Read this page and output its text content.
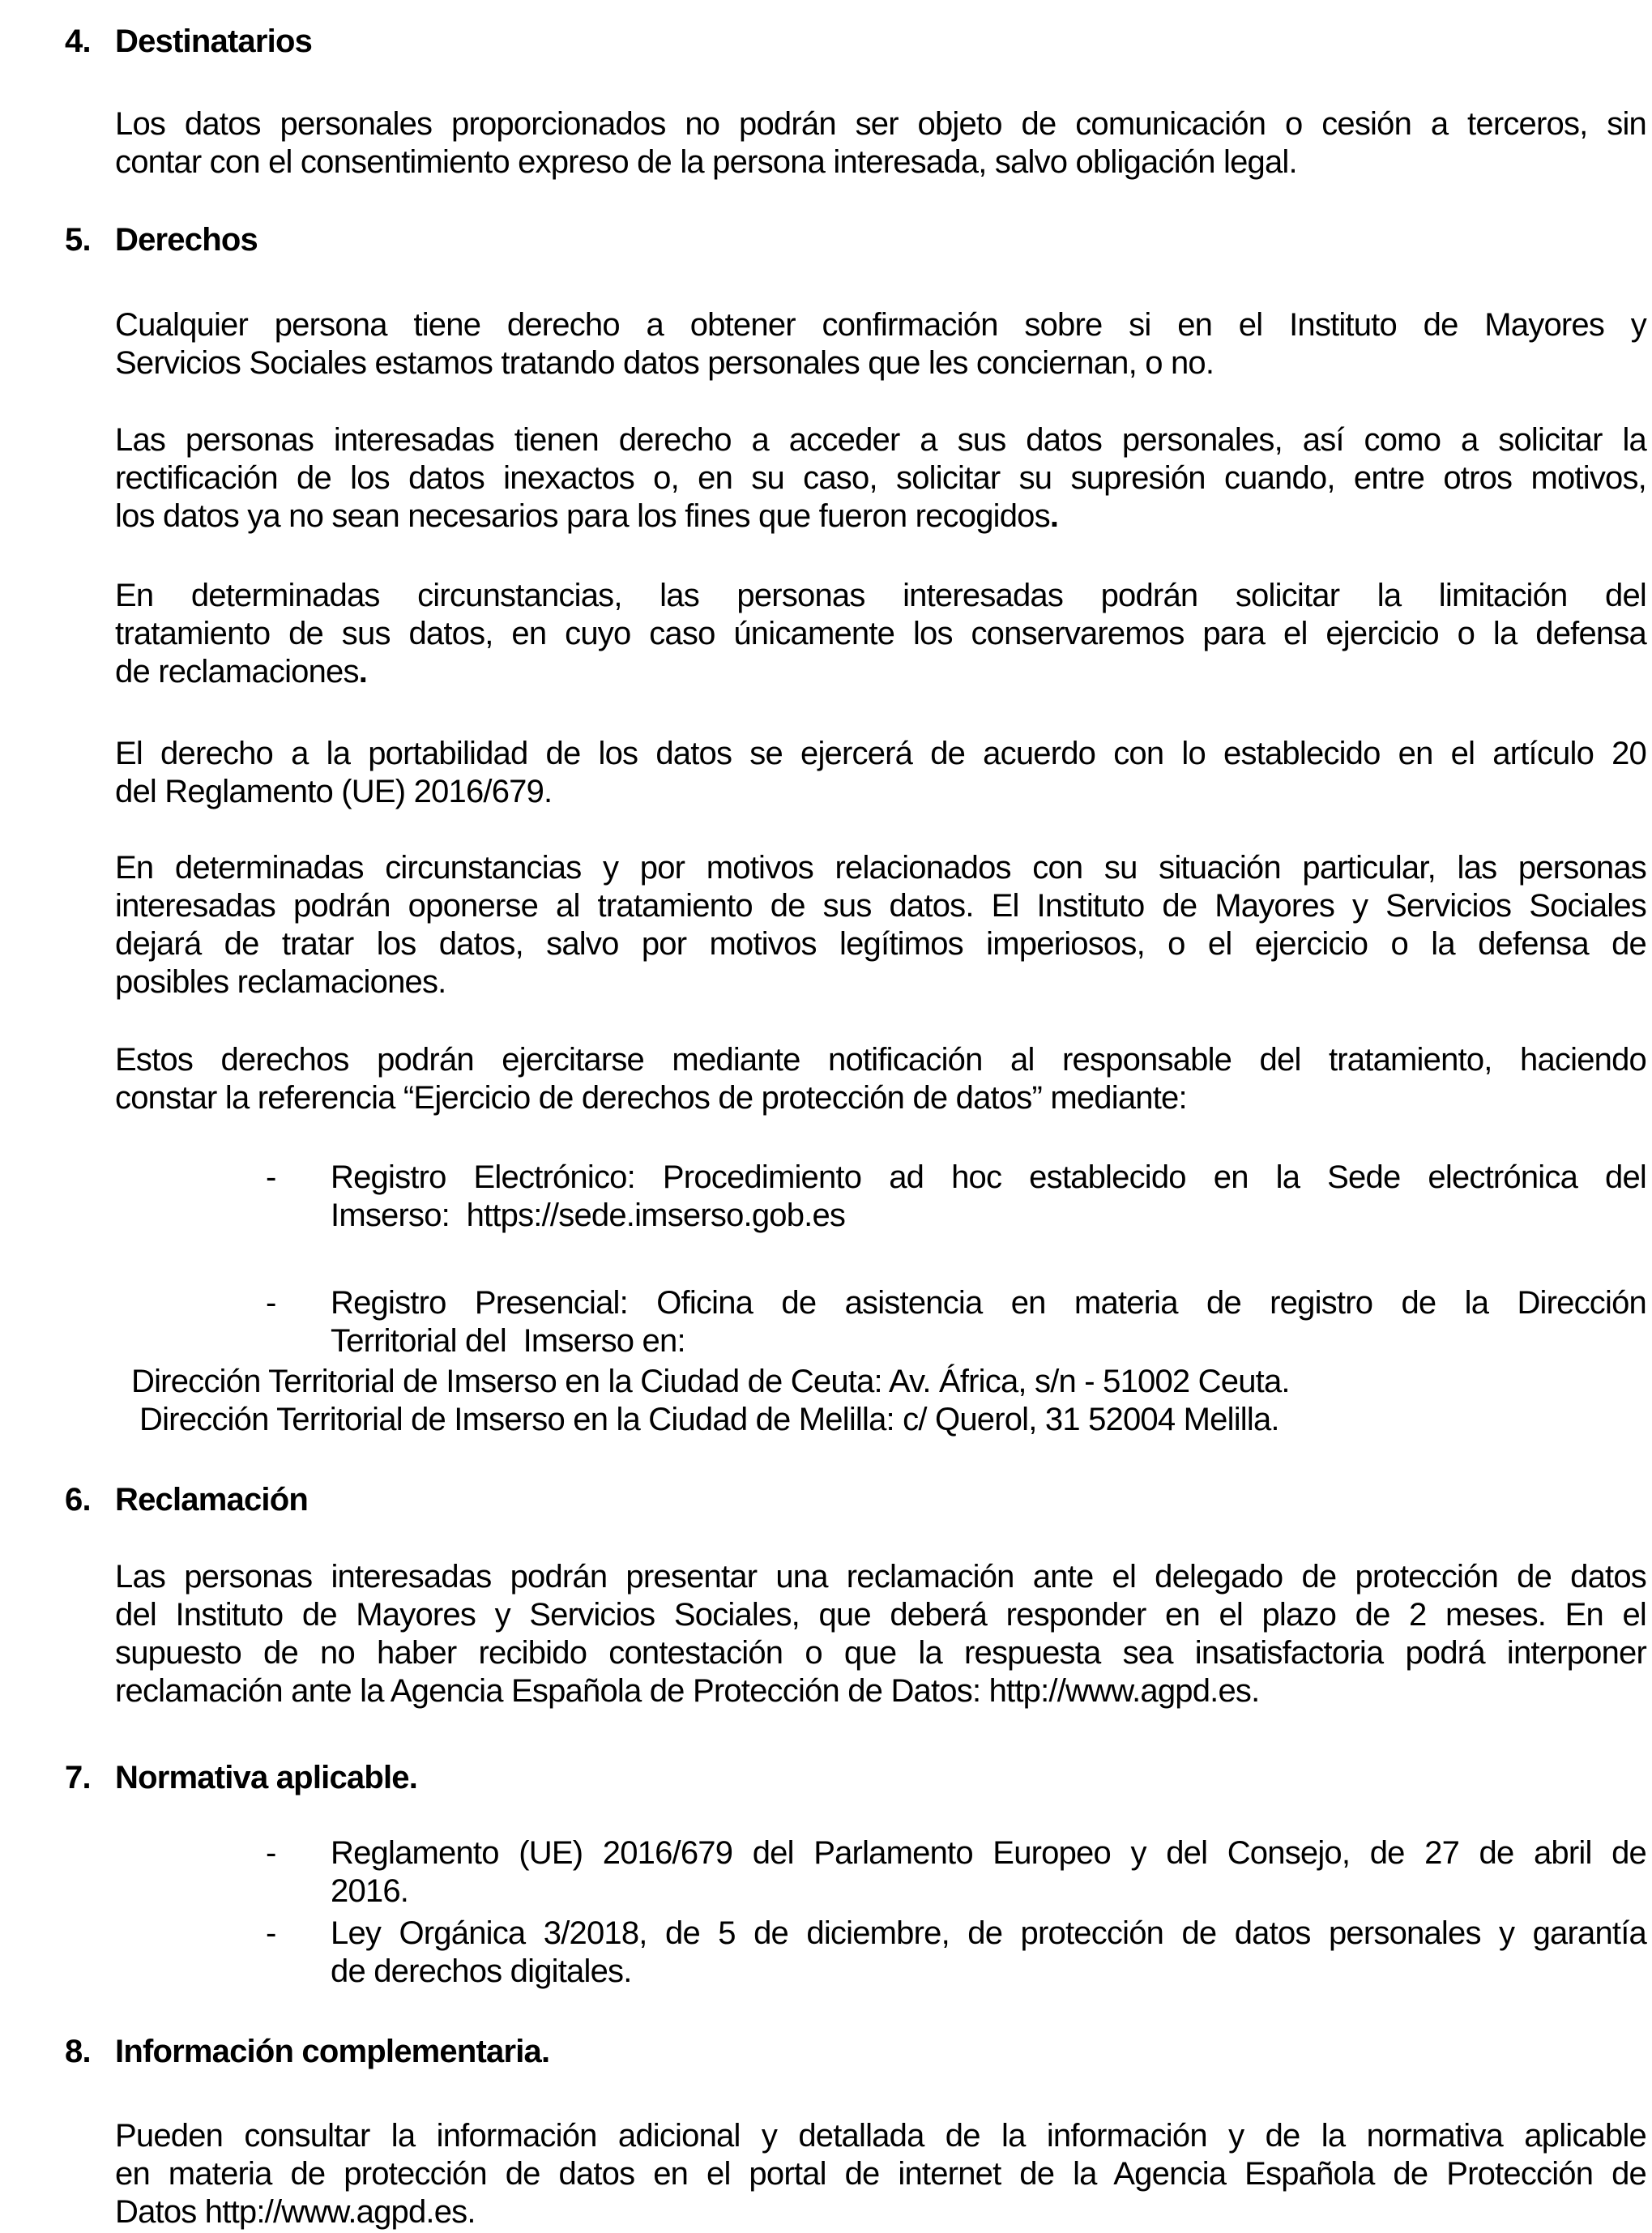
4. Destinatarios
Los datos personales proporcionados no podrán ser objeto de comunicación o cesión a terceros, sin
contar con el consentimiento expreso de la persona interesada, salvo obligación legal.
5. Derechos
Cualquier persona tiene derecho a obtener confirmación sobre si en el Instituto de Mayores y
Servicios Sociales estamos tratando datos personales que les conciernan, o no.
Las personas interesadas tienen derecho a acceder a sus datos personales, así como a solicitar la
rectificación de los datos inexactos o, en su caso, solicitar su supresión cuando, entre otros motivos,
los datos ya no sean necesarios para los fines que fueron recogidos.
En determinadas circunstancias, las personas interesadas podrán solicitar la limitación del
tratamiento de sus datos, en cuyo caso únicamente los conservaremos para el ejercicio o la defensa
de reclamaciones.
El derecho a la portabilidad de los datos se ejercerá de acuerdo con lo establecido en el artículo 20
del Reglamento (UE) 2016/679.
En determinadas circunstancias y por motivos relacionados con su situación particular, las personas
interesadas podrán oponerse al tratamiento de sus datos. El Instituto de Mayores y Servicios Sociales
dejará de tratar los datos, salvo por motivos legítimos imperiosos, o el ejercicio o la defensa de
posibles reclamaciones.
Estos derechos podrán ejercitarse mediante notificación al responsable del tratamiento, haciendo
constar la referencia “Ejercicio de derechos de protección de datos” mediante:
-	Registro Electrónico: Procedimiento ad hoc establecido en la Sede electrónica del
Imserso:  https://sede.imserso.gob.es
-	Registro Presencial: Oficina de asistencia en materia de registro de la Dirección
Territorial del  Imserso en:
Dirección Territorial de Imserso en la Ciudad de Ceuta: Av. África, s/n - 51002 Ceuta.
Dirección Territorial de Imserso en la Ciudad de Melilla: c/ Querol, 31 52004 Melilla.
6. Reclamación
Las personas interesadas podrán presentar una reclamación ante el delegado de protección de datos
del Instituto de Mayores y Servicios Sociales, que deberá responder en el plazo de 2 meses. En el
supuesto de no haber recibido contestación o que la respuesta sea insatisfactoria podrá interponer
reclamación ante la Agencia Española de Protección de Datos: http://www.agpd.es.
7. Normativa aplicable.
-	Reglamento (UE) 2016/679 del Parlamento Europeo y del Consejo, de 27 de abril de
2016.
-	Ley Orgánica 3/2018, de 5 de diciembre, de protección de datos personales y garantía
de derechos digitales.
8. Información complementaria.
Pueden consultar la información adicional y detallada de la información y de la normativa aplicable
en materia de protección de datos en el portal de internet de la Agencia Española de Protección de
Datos http://www.agpd.es.
